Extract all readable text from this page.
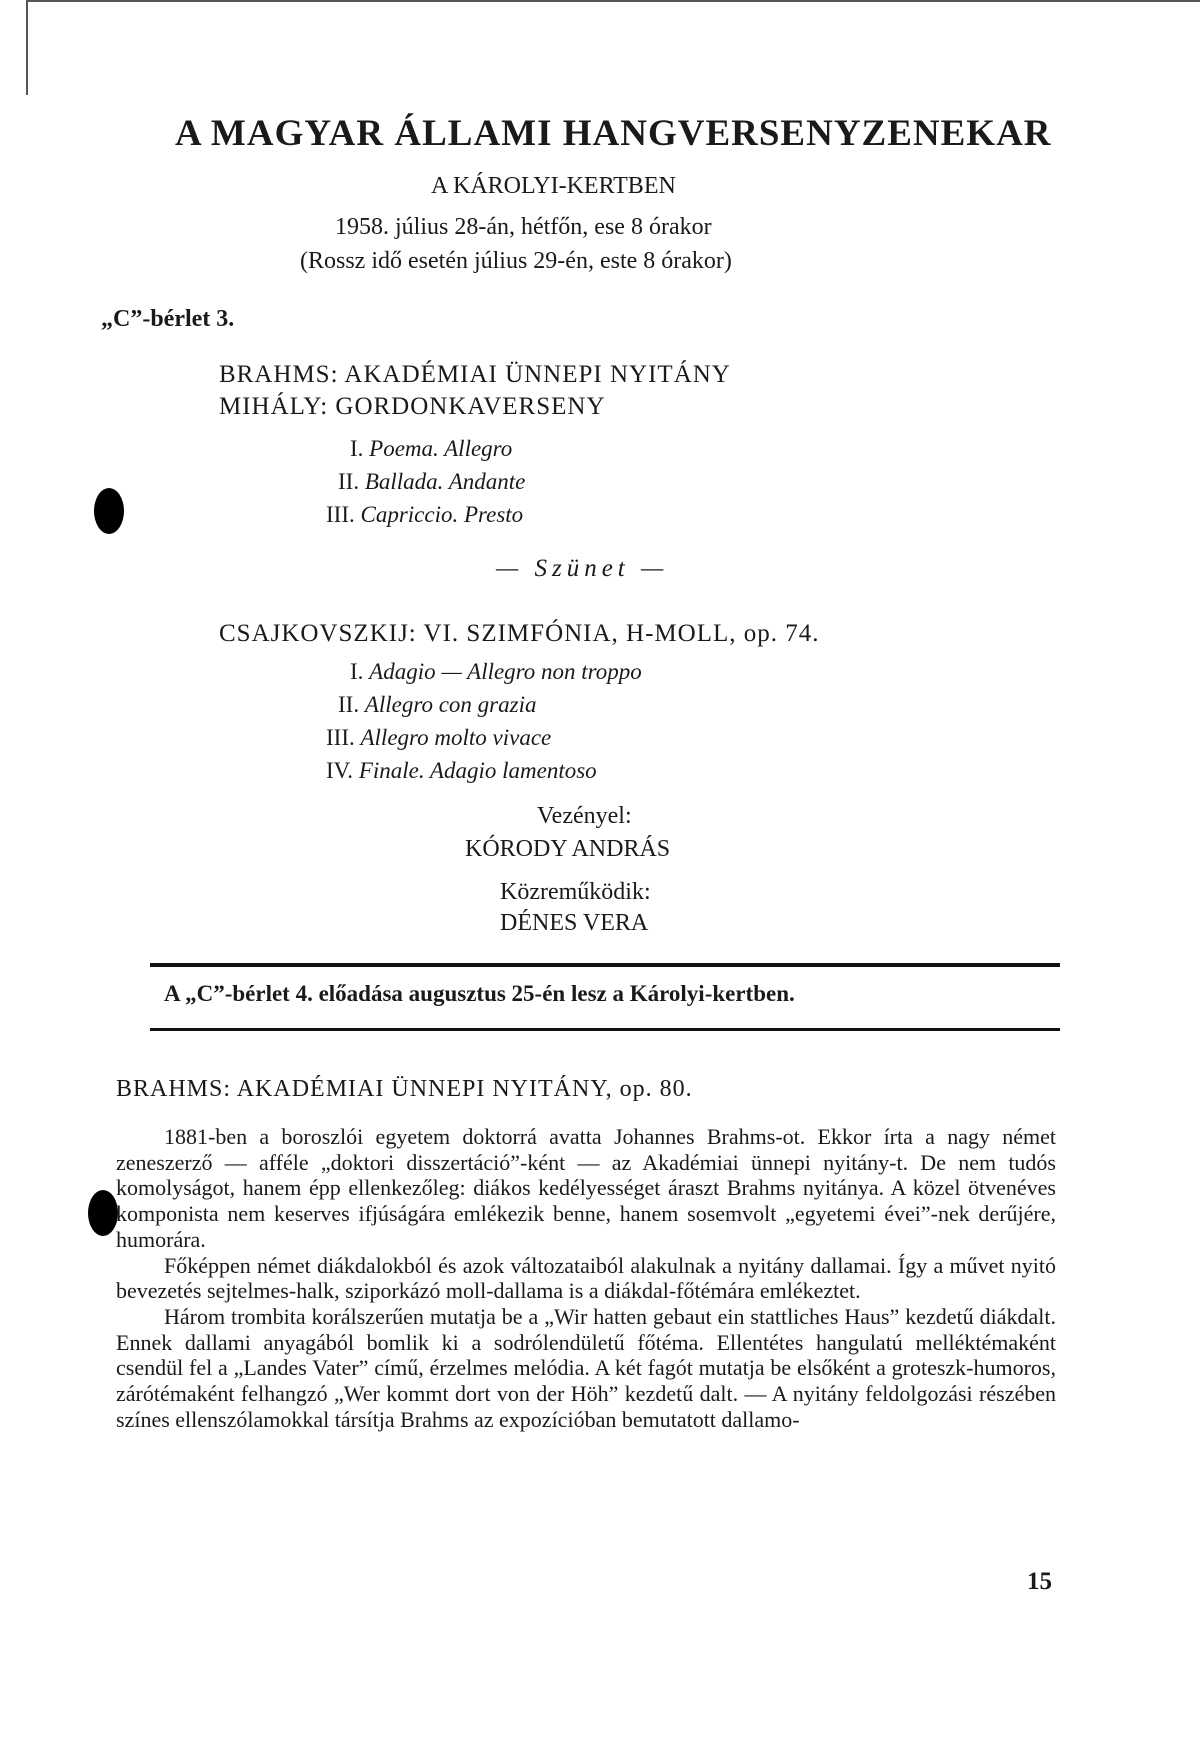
A MAGYAR ÁLLAMI HANGVERSENYZENEKAR
A KÁROLYI-KERTBEN
1958. július 28-án, hétfőn, ese 8 órakor
(Rossz idő esetén július 29-én, este 8 órakor)
„C”-bérlet 3.
BRAHMS: AKADÉMIAI ÜNNEPI NYITÁNY
MIHÁLY: GORDONKAVERSENY
I. Poema. Allegro
II. Ballada. Andante
III. Capriccio. Presto
— Szünet —
CSAJKOVSZKIJ: VI. SZIMFÓNIA, H-MOLL, op. 74.
I. Adagio — Allegro non troppo
II. Allegro con grazia
III. Allegro molto vivace
IV. Finale. Adagio lamentoso
Vezényel:
KÓRODY ANDRÁS
Közreműködik:
DÉNES VERA
A „C”-bérlet 4. előadása augusztus 25-én lesz a Károlyi-kertben.
BRAHMS: AKADÉMIAI ÜNNEPI NYITÁNY, op. 80.

1881-ben a boroszlói egyetem doktorrá avatta Johannes Brahms-ot. Ekkor írta a nagy német zeneszerző — afféle „doktori disszertáció”-ként — az Akadémiai ünnepi nyitány-t. De nem tudós komolyságot, hanem épp ellenkezőleg: diákos kedélyességet áraszt Brahms nyitánya. A közel ötvenéves komponista nem keserves ifjúságára emlékezik benne, hanem sosemvolt „egyetemi évei”-nek derűjére, humorára.

Főképpen német diákdalokból és azok változataiból alakulnak a nyitány dallamai. Így a művet nyitó bevezetés sejtelmes-halk, sziporkázó moll-dallama is a diákdal-főtémára emlékeztet.

Három trombita korálszerűen mutatja be a „Wir hatten gebaut ein stattliches Haus” kezdetű diákdalt. Ennek dallami anyagából bomlik ki a sodrólendületű főtéma. Ellentétes hangulatú melléktémaként csendül fel a „Landes Vater” című, érzelmes melódia. A két fagót mutatja be elsőként a groteszk-humoros, zárótémaként felhangzó „Wer kommt dort von der Höh” kezdetű dalt. — A nyitány feldolgozási részében színes ellenszólamokkal társítja Brahms az expozícióban bemutatott dallamo-

15
